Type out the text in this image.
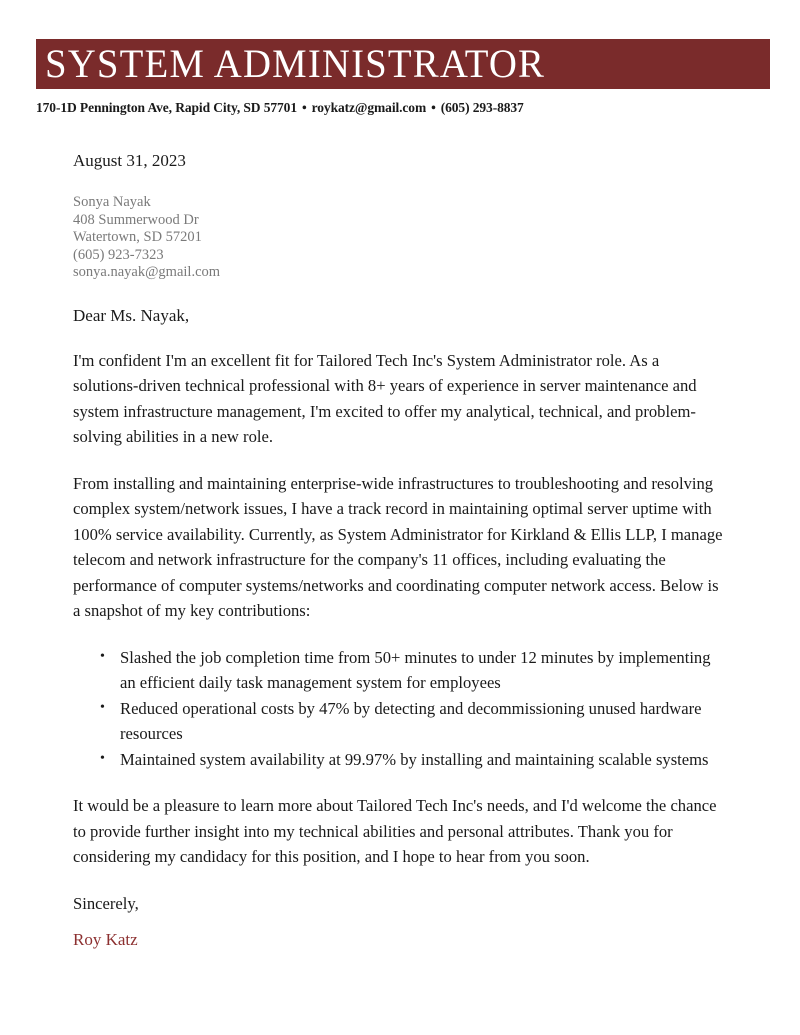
SYSTEM ADMINISTRATOR
170-1D Pennington Ave, Rapid City, SD 57701 • roykatz@gmail.com • (605) 293-8837
August 31, 2023
Sonya Nayak
408 Summerwood Dr
Watertown, SD 57201
(605) 923-7323
sonya.nayak@gmail.com
Dear Ms. Nayak,

I'm confident I'm an excellent fit for Tailored Tech Inc's System Administrator role. As a solutions-driven technical professional with 8+ years of experience in server maintenance and system infrastructure management, I'm excited to offer my analytical, technical, and problem-solving abilities in a new role.

From installing and maintaining enterprise-wide infrastructures to troubleshooting and resolving complex system/network issues, I have a track record in maintaining optimal server uptime with 100% service availability. Currently, as System Administrator for Kirkland & Ellis LLP, I manage telecom and network infrastructure for the company's 11 offices, including evaluating the performance of computer systems/networks and coordinating computer network access. Below is a snapshot of my key contributions:

• Slashed the job completion time from 50+ minutes to under 12 minutes by implementing an efficient daily task management system for employees
• Reduced operational costs by 47% by detecting and decommissioning unused hardware resources
• Maintained system availability at 99.97% by installing and maintaining scalable systems

It would be a pleasure to learn more about Tailored Tech Inc's needs, and I'd welcome the chance to provide further insight into my technical abilities and personal attributes. Thank you for considering my candidacy for this position, and I hope to hear from you soon.

Sincerely,
Roy Katz
